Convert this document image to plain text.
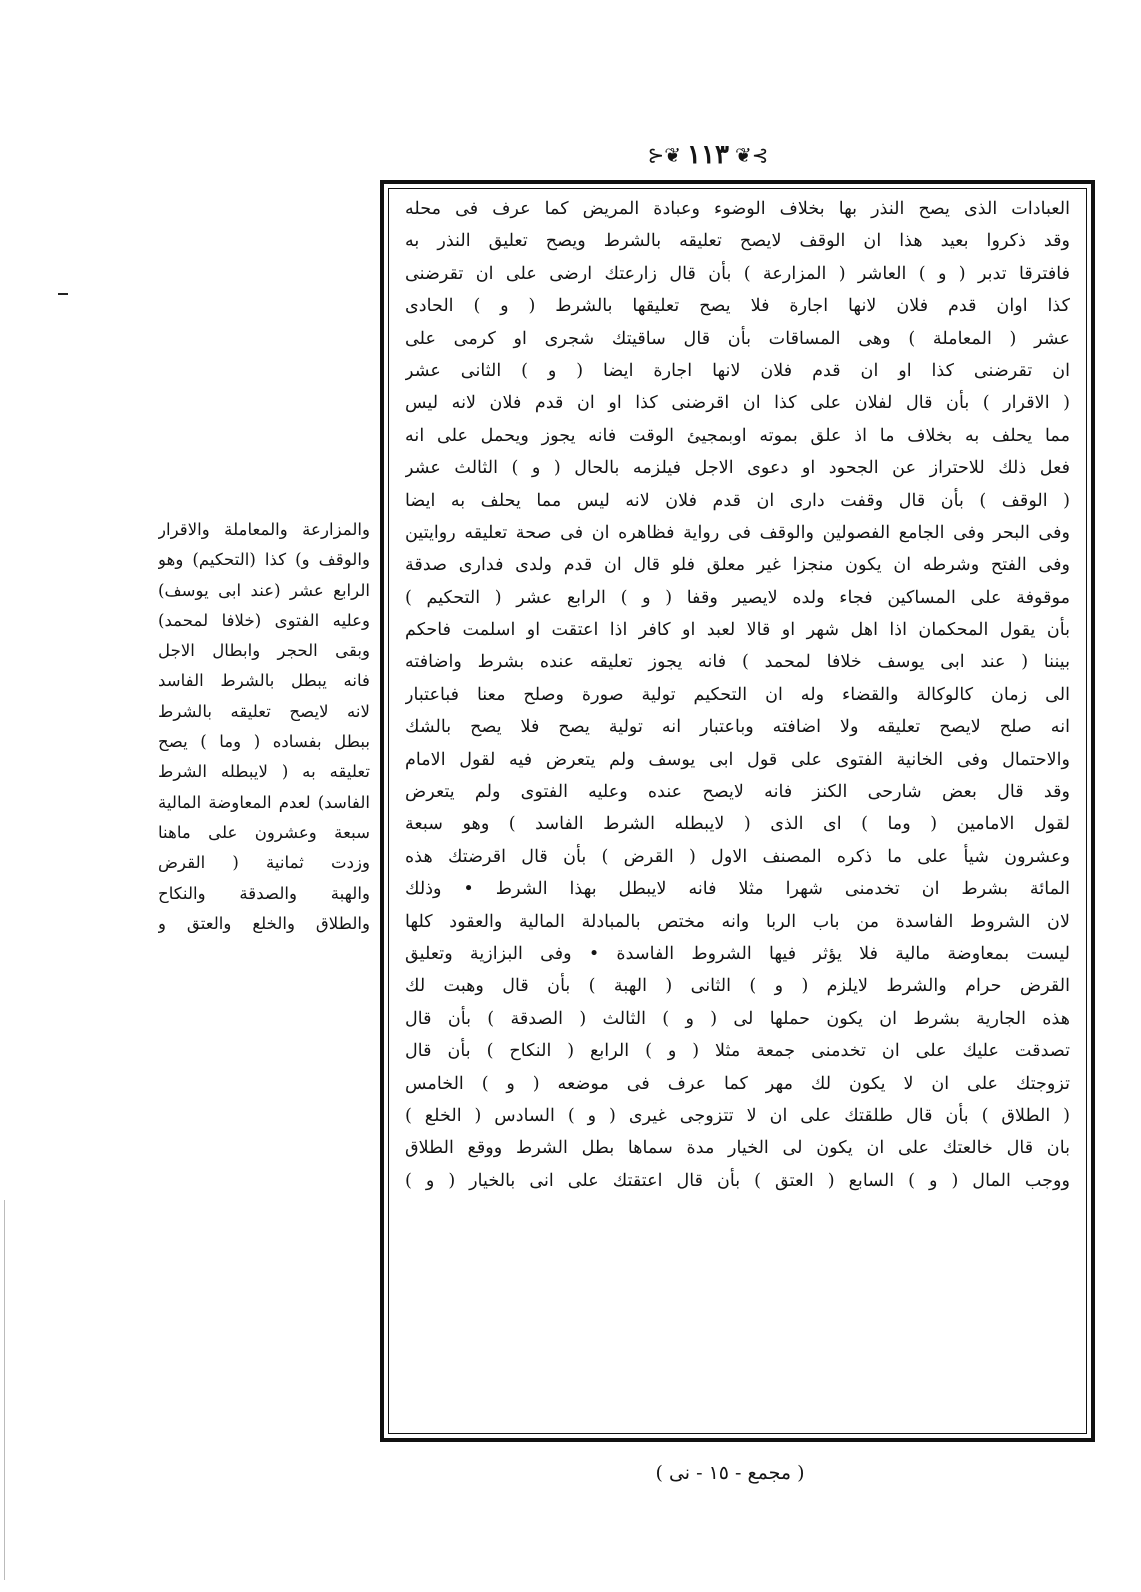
⊱❦ ١١٣ ❦⊰
العبادات الذى يصح النذر بها بخلاف الوضوء وعبادة المريض كما عرف فى محله
وقد ذكروا بعيد هذا ان الوقف لايصح تعليقه بالشرط ويصح تعليق النذر به
فافترقا تدبر ( و ) العاشر ( المزارعة ) بأن قال زارعتك ارضى على ان تقرضنى
كذا اوان قدم فلان لانها اجارة فلا يصح تعليقها بالشرط ( و ) الحادى
عشر ( المعاملة ) وهى المساقات بأن قال ساقيتك شجرى او كرمى على
ان تقرضنى كذا او ان قدم فلان لانها اجارة ايضا ( و ) الثانى عشر
( الاقرار ) بأن قال لفلان على كذا ان اقرضنى كذا او ان قدم فلان لانه ليس
مما يحلف به بخلاف ما اذ علق بموته اوبمجيئ الوقت فانه يجوز ويحمل على انه
فعل ذلك للاحتراز عن الجحود او دعوى الاجل فيلزمه بالحال ( و ) الثالث عشر
( الوقف ) بأن قال وقفت دارى ان قدم فلان لانه ليس مما يحلف به ايضا
وفى البحر وفى الجامع الفصولين والوقف فى رواية فظاهره ان فى صحة تعليقه روايتين
وفى الفتح وشرطه ان يكون منجزا غير معلق فلو قال ان قدم ولدى فدارى صدقة
موقوفة على المساكين فجاء ولده لايصير وقفا ( و ) الرابع عشر ( التحكيم )
بأن يقول المحكمان اذا اهل شهر او قالا لعبد او كافر اذا اعتقت او اسلمت فاحكم
بيننا ( عند ابى يوسف خلافا لمحمد ) فانه يجوز تعليقه عنده بشرط واضافته
الى زمان كالوكالة والقضاء وله ان التحكيم تولية صورة وصلح معنا فباعتبار
انه صلح لايصح تعليقه ولا اضافته وباعتبار انه تولية يصح فلا يصح بالشك
والاحتمال وفى الخانية الفتوى على قول ابى يوسف ولم يتعرض فيه لقول الامام
وقد قال بعض شارحى الكنز فانه لايصح عنده وعليه الفتوى ولم يتعرض
لقول الامامين ( وما ) اى الذى ( لايبطله الشرط الفاسد ) وهو سبعة
وعشرون شيأ على ما ذكره المصنف الاول ( القرض ) بأن قال اقرضتك هذه
المائة بشرط ان تخدمنى شهرا مثلا فانه لايبطل بهذا الشرط • وذلك
لان الشروط الفاسدة من باب الربا وانه مختص بالمبادلة المالية والعقود كلها
ليست بمعاوضة مالية فلا يؤثر فيها الشروط الفاسدة • وفى البزازية وتعليق
القرض حرام والشرط لايلزم ( و ) الثانى ( الهبة ) بأن قال وهبت لك
هذه الجارية بشرط ان يكون حملها لى ( و ) الثالث ( الصدقة ) بأن قال
تصدقت عليك على ان تخدمنى جمعة مثلا ( و ) الرابع ( النكاح ) بأن قال
تزوجتك على ان لا يكون لك مهر كما عرف فى موضعه ( و ) الخامس
( الطلاق ) بأن قال طلقتك على ان لا تتزوجى غيرى ( و ) السادس ( الخلع )
بان قال خالعتك على ان يكون لى الخيار مدة سماها بطل الشرط ووقع الطلاق
ووجب المال ( و ) السابع ( العتق ) بأن قال اعتقتك على انى بالخيار ( و )
والمزارعة والمعاملة والاقرار
والوقف و) كذا (التحكيم) وهو
الرابع عشر (عند ابى يوسف)
وعليه الفتوى (خلافا لمحمد)
وبقى الحجر وابطال الاجل
فانه يبطل بالشرط الفاسد
لانه لايصح تعليقه بالشرط
ببطل بفساده ( وما ) يصح
تعليقه به ( لايبطله الشرط
الفاسد) لعدم المعاوضة المالية
سبعة وعشرون على ماهنا
وزدت ثمانية ( القرض
والهبة والصدقة والنكاح
والطلاق والخلع والعتق و
( مجمع - ١٥ - نى )
